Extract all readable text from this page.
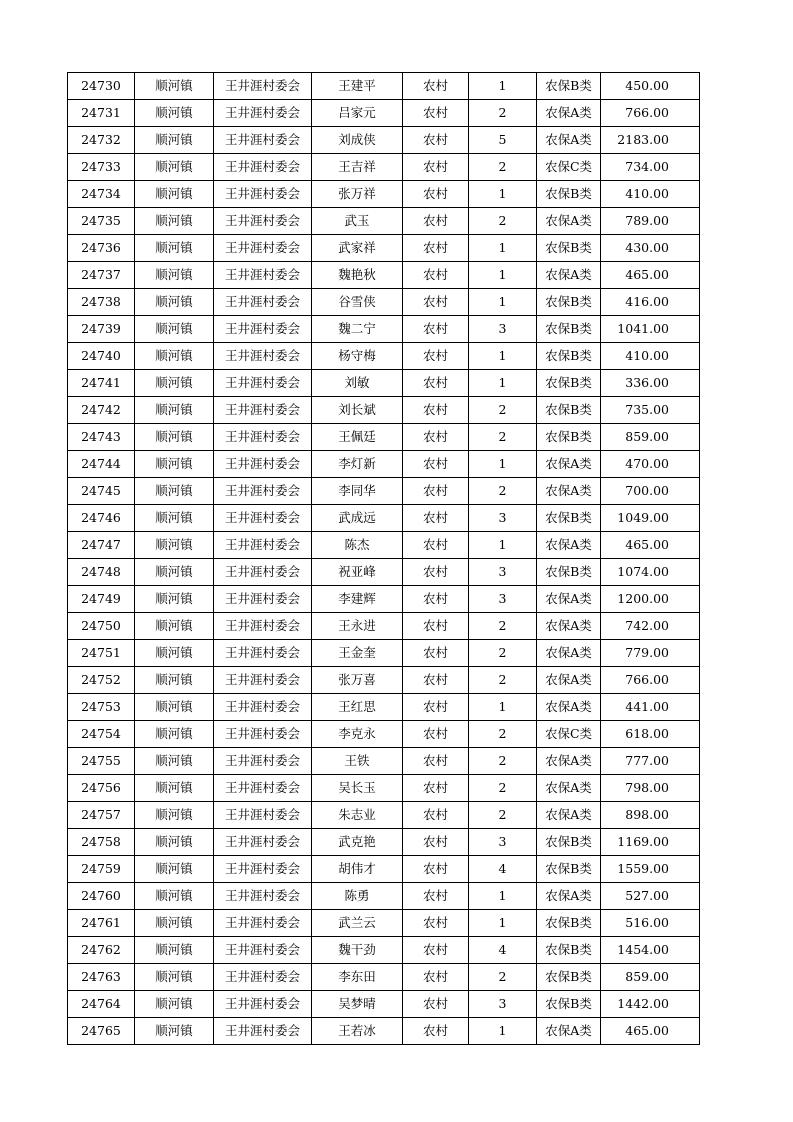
24730	顺河镇	王井涯村委会	王建平	农村	1	农保B类	450.00
24731	顺河镇	王井涯村委会	吕家元	农村	2	农保A类	766.00
24732	顺河镇	王井涯村委会	刘成侠	农村	5	农保A类	2183.00
24733	顺河镇	王井涯村委会	王吉祥	农村	2	农保C类	734.00
24734	顺河镇	王井涯村委会	张万祥	农村	1	农保B类	410.00
24735	顺河镇	王井涯村委会	武玉	农村	2	农保A类	789.00
24736	顺河镇	王井涯村委会	武家祥	农村	1	农保B类	430.00
24737	顺河镇	王井涯村委会	魏艳秋	农村	1	农保A类	465.00
24738	顺河镇	王井涯村委会	谷雪侠	农村	1	农保B类	416.00
24739	顺河镇	王井涯村委会	魏二宁	农村	3	农保B类	1041.00
24740	顺河镇	王井涯村委会	杨守梅	农村	1	农保B类	410.00
24741	顺河镇	王井涯村委会	刘敏	农村	1	农保B类	336.00
24742	顺河镇	王井涯村委会	刘长斌	农村	2	农保B类	735.00
24743	顺河镇	王井涯村委会	王佩廷	农村	2	农保B类	859.00
24744	顺河镇	王井涯村委会	李灯新	农村	1	农保A类	470.00
24745	顺河镇	王井涯村委会	李同华	农村	2	农保A类	700.00
24746	顺河镇	王井涯村委会	武成远	农村	3	农保B类	1049.00
24747	顺河镇	王井涯村委会	陈杰	农村	1	农保A类	465.00
24748	顺河镇	王井涯村委会	祝亚峰	农村	3	农保B类	1074.00
24749	顺河镇	王井涯村委会	李建辉	农村	3	农保A类	1200.00
24750	顺河镇	王井涯村委会	王永进	农村	2	农保A类	742.00
24751	顺河镇	王井涯村委会	王金奎	农村	2	农保A类	779.00
24752	顺河镇	王井涯村委会	张万喜	农村	2	农保A类	766.00
24753	顺河镇	王井涯村委会	王红思	农村	1	农保A类	441.00
24754	顺河镇	王井涯村委会	李克永	农村	2	农保C类	618.00
24755	顺河镇	王井涯村委会	王铁	农村	2	农保A类	777.00
24756	顺河镇	王井涯村委会	吴长玉	农村	2	农保A类	798.00
24757	顺河镇	王井涯村委会	朱志业	农村	2	农保A类	898.00
24758	顺河镇	王井涯村委会	武克艳	农村	3	农保B类	1169.00
24759	顺河镇	王井涯村委会	胡伟才	农村	4	农保B类	1559.00
24760	顺河镇	王井涯村委会	陈勇	农村	1	农保A类	527.00
24761	顺河镇	王井涯村委会	武兰云	农村	1	农保B类	516.00
24762	顺河镇	王井涯村委会	魏干劲	农村	4	农保B类	1454.00
24763	顺河镇	王井涯村委会	李东田	农村	2	农保B类	859.00
24764	顺河镇	王井涯村委会	吴梦晴	农村	3	农保B类	1442.00
24765	顺河镇	王井涯村委会	王若冰	农村	1	农保A类	465.00
